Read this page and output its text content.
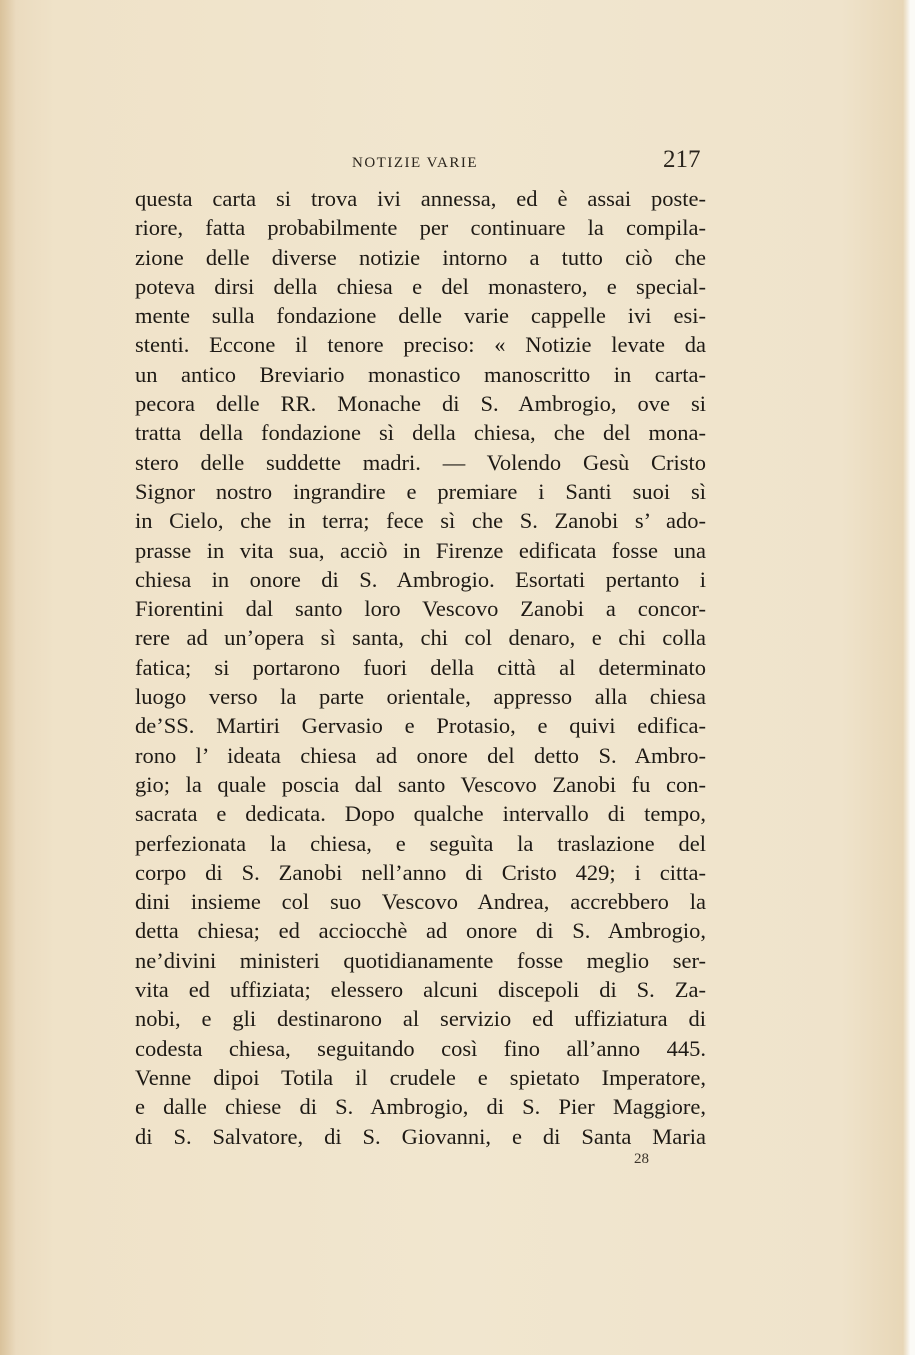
NOTIZIE VARIE	217
questa carta si trova ivi annessa, ed è assai poste-
riore, fatta probabilmente per continuare la compila-
zione delle diverse notizie intorno a tutto ciò che
poteva dirsi della chiesa e del monastero, e special-
mente sulla fondazione delle varie cappelle ivi esi-
stenti. Eccone il tenore preciso: « Notizie levate da
un antico Breviario monastico manoscritto in carta-
pecora delle RR. Monache di S. Ambrogio, ove si
tratta della fondazione sì della chiesa, che del mona-
stero delle suddette madri. — Volendo Gesù Cristo
Signor nostro ingrandire e premiare i Santi suoi sì
in Cielo, che in terra; fece sì che S. Zanobi s’ ado-
prasse in vita sua, acciò in Firenze edificata fosse una
chiesa in onore di S. Ambrogio. Esortati pertanto i
Fiorentini dal santo loro Vescovo Zanobi a concor-
rere ad un’opera sì santa, chi col denaro, e chi colla
fatica; si portarono fuori della città al determinato
luogo verso la parte orientale, appresso alla chiesa
de’SS. Martiri Gervasio e Protasio, e quivi edifica-
rono l’ ideata chiesa ad onore del detto S. Ambro-
gio; la quale poscia dal santo Vescovo Zanobi fu con-
sacrata e dedicata. Dopo qualche intervallo di tempo,
perfezionata la chiesa, e seguìta la traslazione del
corpo di S. Zanobi nell’anno di Cristo 429; i citta-
dini insieme col suo Vescovo Andrea, accrebbero la
detta chiesa; ed acciocchè ad onore di S. Ambrogio,
ne’divini ministeri quotidianamente fosse meglio ser-
vita ed uffiziata; elessero alcuni discepoli di S. Za-
nobi, e gli destinarono al servizio ed uffiziatura di
codesta chiesa, seguitando così fino all’anno 445.
Venne dipoi Totila il crudele e spietato Imperatore,
e dalle chiese di S. Ambrogio, di S. Pier Maggiore,
di S. Salvatore, di S. Giovanni, e di Santa Maria
28
